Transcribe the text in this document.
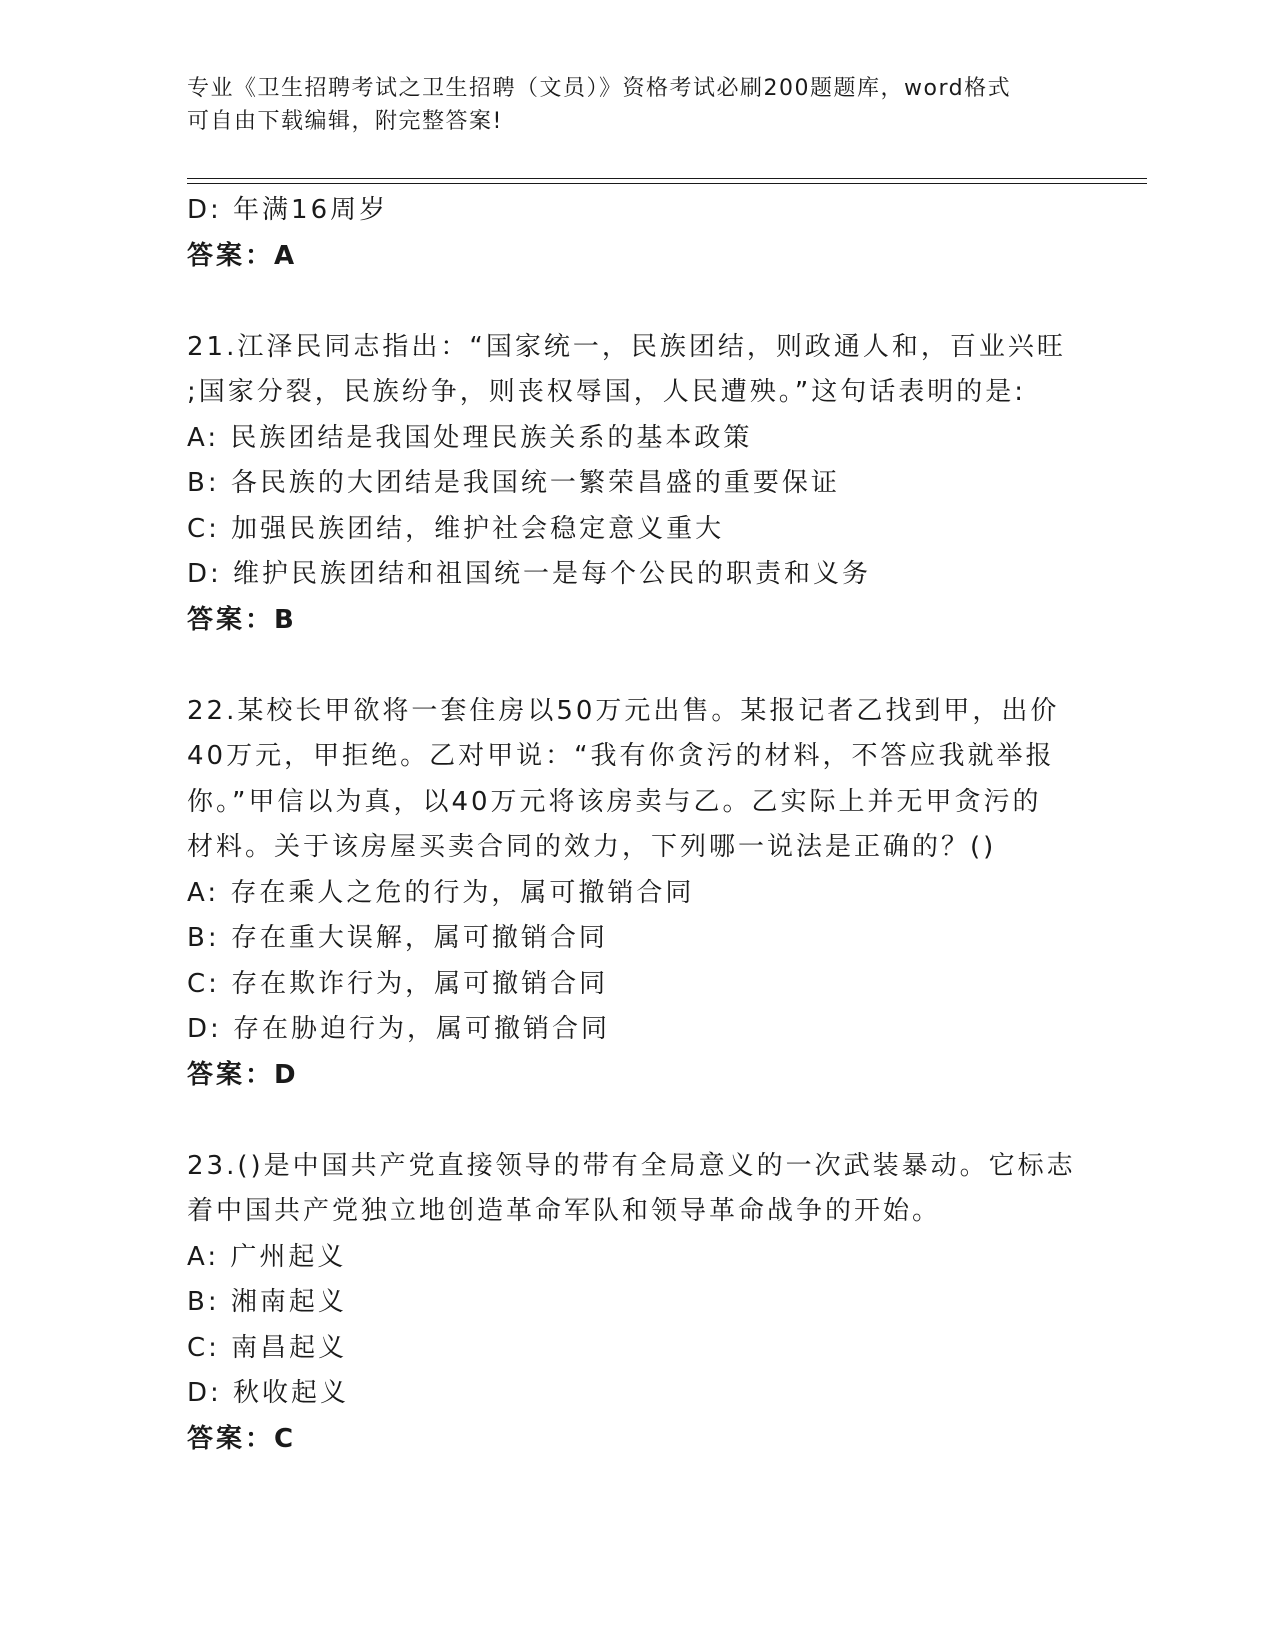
专业《卫生招聘考试之卫生招聘（文员）》资格考试必刷200题题库，word格式
可自由下载编辑，附完整答案!
D: 年满16周岁
答案：A
21.江泽民同志指出：“国家统一，民族团结，则政通人和，百业兴旺
;国家分裂，民族纷争，则丧权辱国，人民遭殃。”这句话表明的是:
A: 民族团结是我国处理民族关系的基本政策
B: 各民族的大团结是我国统一繁荣昌盛的重要保证
C: 加强民族团结，维护社会稳定意义重大
D: 维护民族团结和祖国统一是每个公民的职责和义务
答案：B
22.某校长甲欲将一套住房以50万元出售。某报记者乙找到甲，出价
40万元，甲拒绝。乙对甲说：“我有你贪污的材料，不答应我就举报
你。”甲信以为真，以40万元将该房卖与乙。乙实际上并无甲贪污的
材料。关于该房屋买卖合同的效力，下列哪一说法是正确的？()
A: 存在乘人之危的行为，属可撤销合同
B: 存在重大误解，属可撤销合同
C: 存在欺诈行为，属可撤销合同
D: 存在胁迫行为，属可撤销合同
答案：D
23.()是中国共产党直接领导的带有全局意义的一次武装暴动。它标志
着中国共产党独立地创造革命军队和领导革命战争的开始。
A: 广州起义
B: 湘南起义
C: 南昌起义
D: 秋收起义
答案：C
